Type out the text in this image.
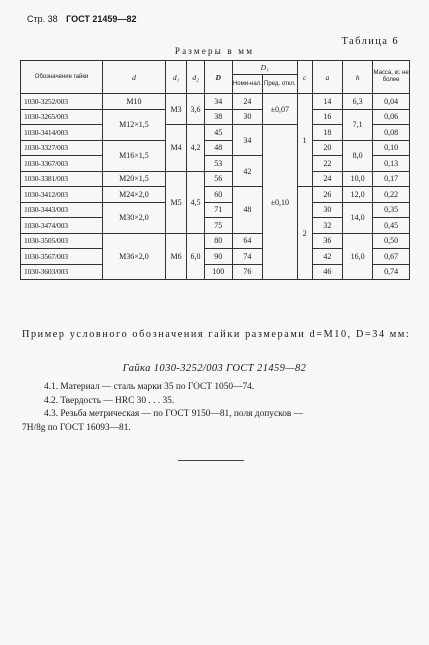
Стр. 38 ГОСТ 21459—82
Таблица 6
Размеры в мм
Обозначение гайки	d	d₁	d₂	D	D₁		c	a	h	Масса, кг, не более
					Номи-нал.	Пред. откл.				
1030-3252/003	M10	M3	3,6	34	24	±0,07	1	14	6,3	0,04
1030-3265/003	M12×1,5			38	30			16	7,1	0,06
1030-3414/003		M4	4,2	45	34	±0,10		18		0,08
1030-3327/003	M16×1,5			48				20	8,0	0,10
1030-3367/003				53	42			22		0,13
1030-3381/003	M20×1,5	M5	4,5	56				24	10,0	0,17
1030-3412/003	M24×2,0			60	48		2	26	12,0	0,22
1030-3443/003	M30×2,0			71				30	14,0	0,35
1030-3474/003				75				32		0,45
1030-3505/003	M36×2,0	M6	6,0	80	64			36	16,0	0,50
1030-3567/003				90	74			42		0,67
1030-3603/003				100	76			46		0,74
Пример условного обозначения гайки размерами d=M10, D=34 мм:
Гайка 1030-3252/003 ГОСТ 21459—82

4.1. Материал — сталь марки 35 по ГОСТ 1050—74.

4.2. Твердость — HRC 30 . . . 35.

4.3. Резьба метрическая — по ГОСТ 9150—81, поля допусков —

7H/8g по ГОСТ 16093—81.
